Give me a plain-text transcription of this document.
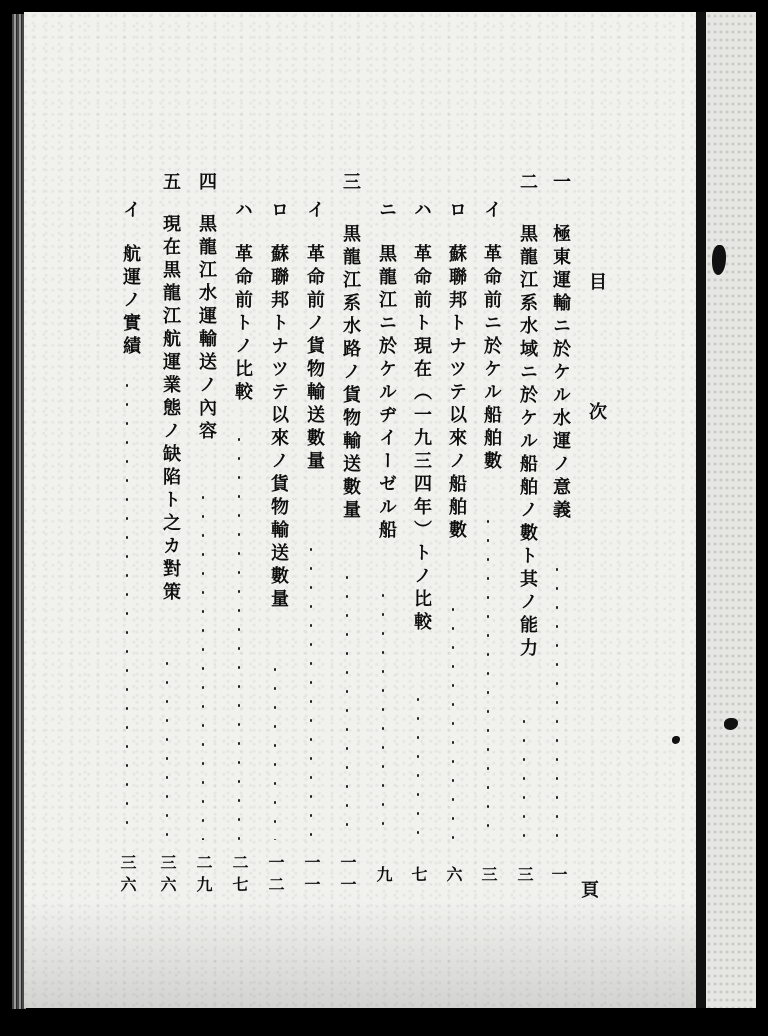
目
次
頁
一
極東運輸ニ於ケル水運ノ意義
一
二
黒龍江系水域ニ於ケル船舶ノ數ト其ノ能力
三
イ
革命前ニ於ケル船舶數
三
ロ
蘇聯邦トナツテ以來ノ船舶數
六
ハ
革命前ト現在（一九三四年）トノ比較
七
ニ
黒龍江ニ於ケルヂイーゼル船
九
三
黒龍江系水路ノ貨物輸送數量
一一
イ
革命前ノ貨物輸送數量
一一
ロ
蘇聯邦トナツテ以來ノ貨物輸送數量
一二
ハ
革命前トノ比較
二七
四
黒龍江水運輸送ノ內容
二九
五
現在黒龍江航運業態ノ缺陷ト之カ對策
三六
イ
航運ノ實績
三六
